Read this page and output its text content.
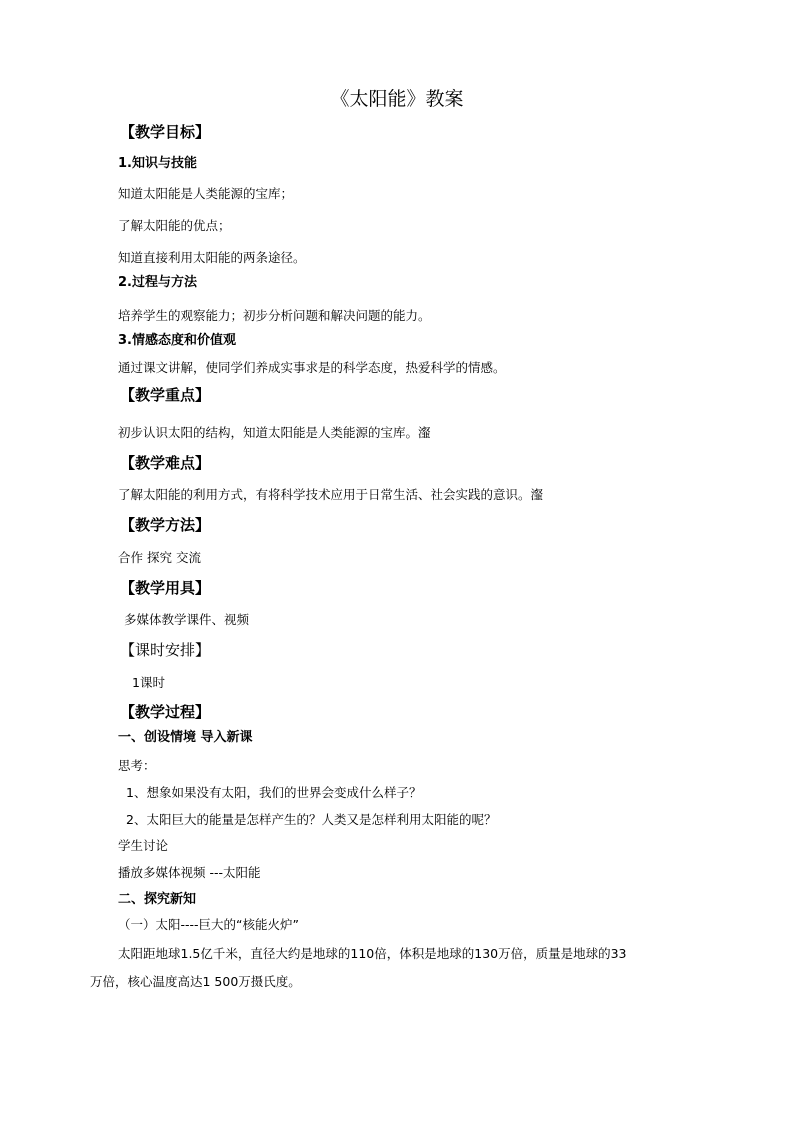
《太阳能》教案
【教学目标】
1.知识与技能
知道太阳能是人类能源的宝库；
了解太阳能的优点；
知道直接利用太阳能的两条途径。
2.过程与方法
培养学生的观察能力；初步分析问题和解决问题的能力。
3.情感态度和价值观
通过课文讲解，使同学们养成实事求是的科学态度，热爱科学的情感。
【教学重点】
初步认识太阳的结构，知道太阳能是人类能源的宝库。瀣
【教学难点】
了解太阳能的利用方式，有将科学技术应用于日常生活、社会实践的意识。瀣
【教学方法】
合作 探究 交流
【教学用具】
多媒体教学课件、视频
【课时安排】
1课时
【教学过程】
一、创设情境 导入新课
思考：
1、想象如果没有太阳，我们的世界会变成什么样子？
2、太阳巨大的能量是怎样产生的？人类又是怎样利用太阳能的呢？
学生讨论
播放多媒体视频 ---太阳能
二、探究新知
（一）太阳----巨大的“核能火炉”
太阳距地球1.5亿千米，直径大约是地球的110倍，体积是地球的130万倍，质量是地球的33
万倍，核心温度高达1 500万摄氏度。
